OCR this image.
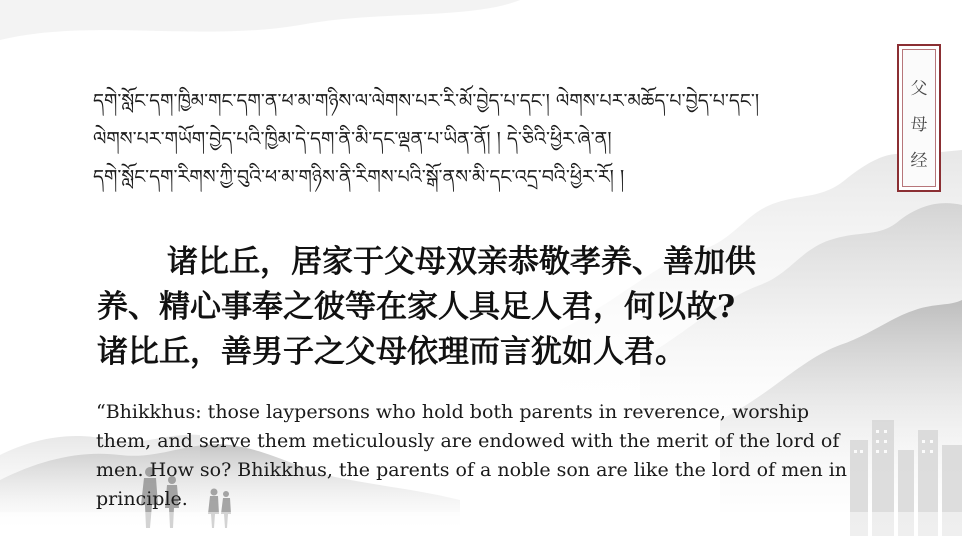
父
母
经
དགེ་སློང་དག་ཁྱིམ་གང་དག་ན་ཕ་མ་གཉིས་ལ་ལེགས་པར་རི་མོ་བྱེད་པ་དང་། ལེགས་པར་མཆོད་པ་བྱེད་པ་དང་།
ལེགས་པར་གཡོག་བྱེད་པའི་ཁྱིམ་དེ་དག་ནི་མི་དང་ལྡན་པ་ཡིན་ནོ། ། དེ་ཅིའི་ཕྱིར་ཞེ་ན།
དགེ་སློང་དག་རིགས་ཀྱི་བུའི་ཕ་མ་གཉིས་ནི་རིགས་པའི་སྒོ་ནས་མི་དང་འདྲ་བའི་ཕྱིར་རོ། །
诸比丘，居家于父母双亲恭敬孝养、善加供
养、精心事奉之彼等在家人具足人君，何以故?
诸比丘，善男子之父母依理而言犹如人君。
“Bhikkhus: those laypersons who hold both parents in reverence, worship
them, and serve them meticulously are endowed with the merit of the lord of
men. How so? Bhikkhus, the parents of a noble son are like the lord of men in
principle.
